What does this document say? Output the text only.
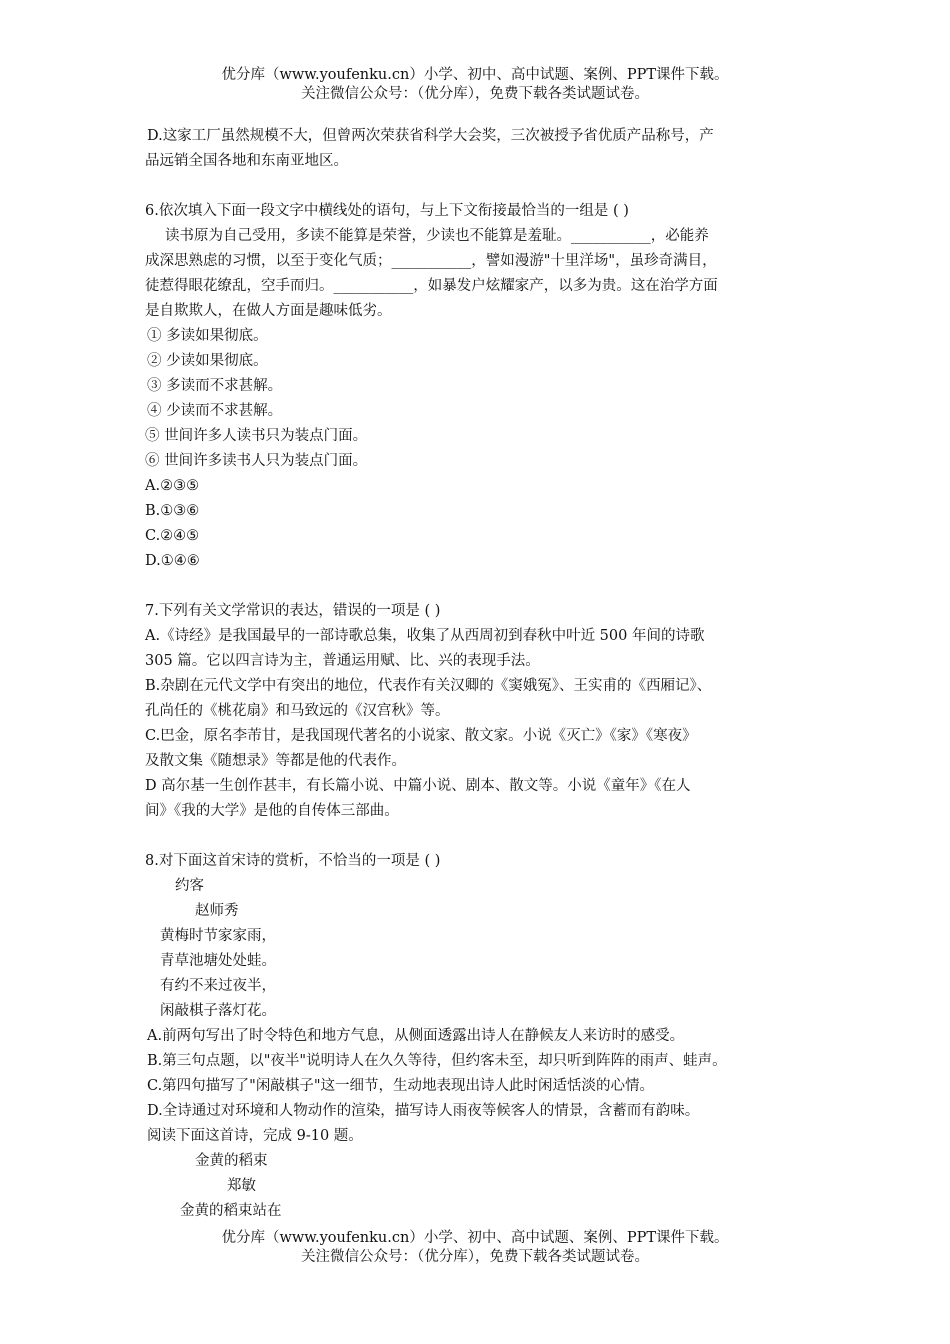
优分库（www.youfenku.cn）小学、初中、高中试题、案例、PPT课件下载。
关注微信公众号：（优分库），免费下载各类试题试卷。
D.这家工厂虽然规模不大，但曾两次荣获省科学大会奖，三次被授予省优质产品称号，产
品远销全国各地和东南亚地区。
6.依次填入下面一段文字中横线处的语句，与上下文衔接最恰当的一组是 ( )
读书原为自己受用，多读不能算是荣誉，少读也不能算是羞耻。___________，必能养
成深思熟虑的习惯，以至于变化气质；___________，譬如漫游"十里洋场"，虽珍奇满目，
徒惹得眼花缭乱，空手而归。___________，如暴发户炫耀家产，以多为贵。这在治学方面
是自欺欺人，在做人方面是趣味低劣。
① 多读如果彻底。
② 少读如果彻底。
③ 多读而不求甚解。
④ 少读而不求甚解。
⑤ 世间许多人读书只为装点门面。
⑥ 世间许多读书人只为装点门面。
A.②③⑤
B.①③⑥
C.②④⑤
D.①④⑥
7.下列有关文学常识的表达，错误的一项是 ( )
A.《诗经》是我国最早的一部诗歌总集，收集了从西周初到春秋中叶近 500 年间的诗歌
305 篇。它以四言诗为主，普通运用赋、比、兴的表现手法。
B.杂剧在元代文学中有突出的地位，代表作有关汉卿的《窦娥冤》、王实甫的《西厢记》、
孔尚任的《桃花扇》和马致远的《汉宫秋》等。
C.巴金，原名李芾甘，是我国现代著名的小说家、散文家。小说《灭亡》《家》《寒夜》
及散文集《随想录》等都是他的代表作。
D 高尔基一生创作甚丰，有长篇小说、中篇小说、剧本、散文等。小说《童年》《在人
间》《我的大学》是他的自传体三部曲。
8.对下面这首宋诗的赏析，不恰当的一项是 ( )
约客
赵师秀
黄梅时节家家雨，
青草池塘处处蛙。
有约不来过夜半，
闲敲棋子落灯花。
A.前两句写出了时令特色和地方气息，从侧面透露出诗人在静候友人来访时的感受。
B.第三句点题，以"夜半"说明诗人在久久等待，但约客未至，却只听到阵阵的雨声、蛙声。
C.第四句描写了"闲敲棋子"这一细节，生动地表现出诗人此时闲适恬淡的心情。
D.全诗通过对环境和人物动作的渲染，描写诗人雨夜等候客人的情景，含蓄而有韵味。
阅读下面这首诗，完成 9-10 题。
金黄的稻束
郑敏
金黄的稻束站在
优分库（www.youfenku.cn）小学、初中、高中试题、案例、PPT课件下载。
关注微信公众号：（优分库），免费下载各类试题试卷。
